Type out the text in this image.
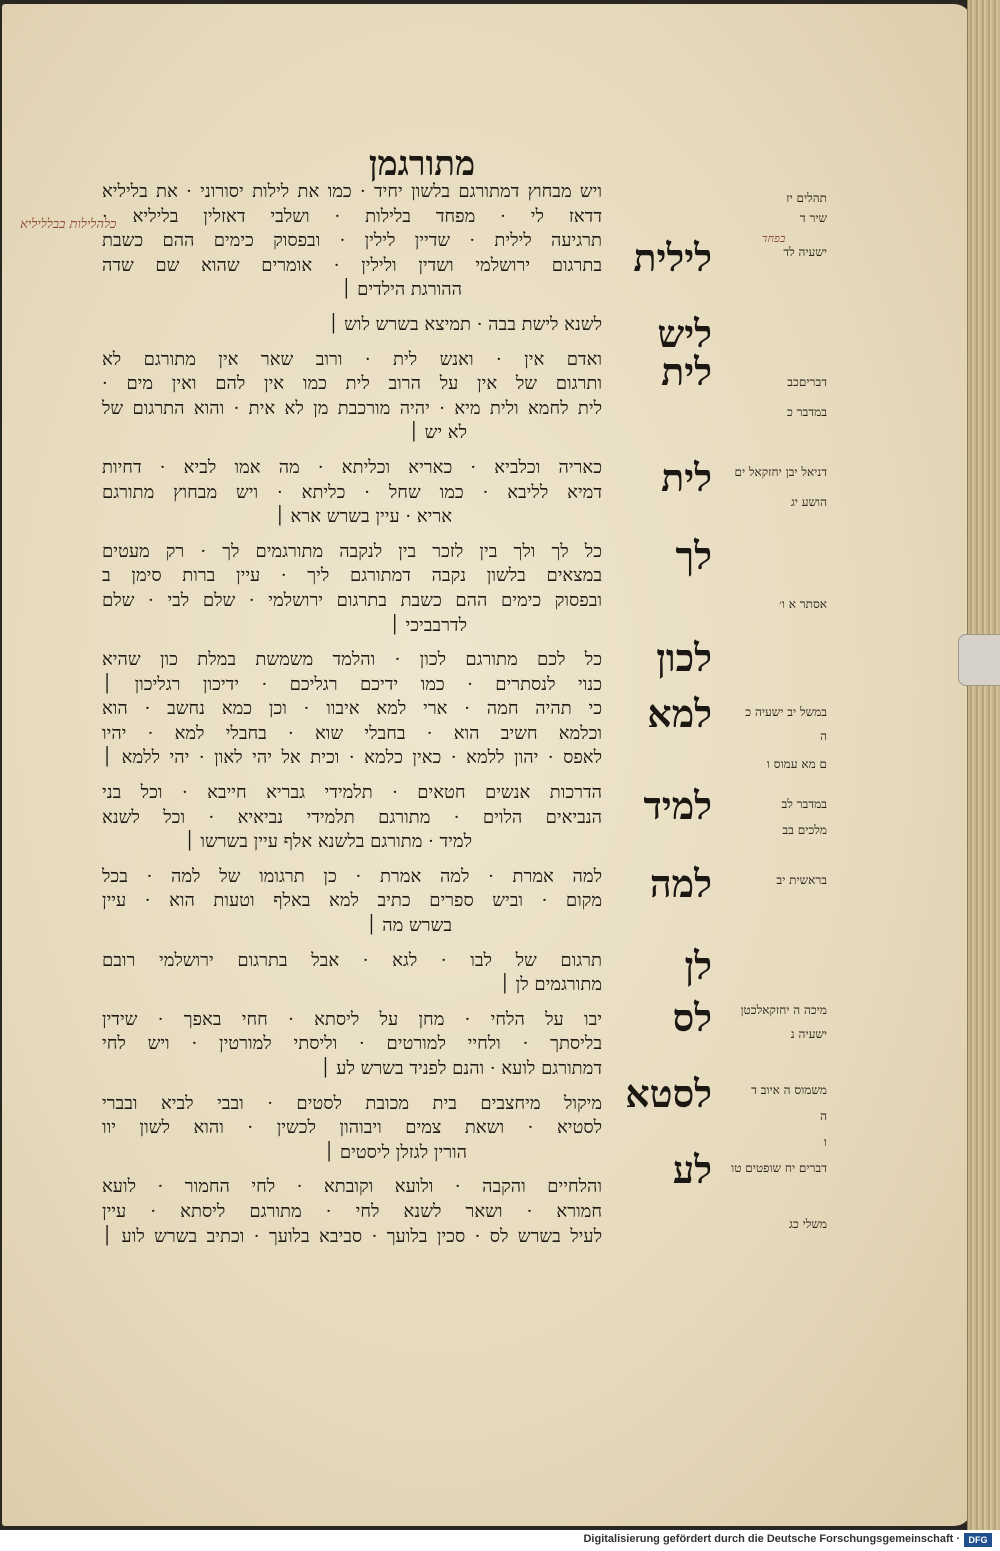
מתורגמן
ויש מבחוץ דמתורגם בלשון יחיד · כמו את לילות יסורוני · את בליליא
דדאז לי · מפחד בלילות · ושלבי דאזלין בליליא ·
תרגיעה לילית · שדיין לילין · ובפסוק כימים ההם כשבת
בתרגום ירושלמי ושדין ולילין · אומרים שהוא שם שדה
ההורגת הילדים ׀
לשנא לישת בבה · תמיצא בשרש לוש ׀
ואדם אין · ואנש לית · ורוב שאר אין מתורגם לא
ותרגום של אין על הרוב לית כמו אין להם ואין מים ·
לית לחמא ולית מיא · יהיה מורכבת מן לא אית · והוא התרגום של
לא יש ׀
כאריה וכלביא · כאריא וכליתא · מה אמו לביא · דחיות
דמיא לליבא · כמו שחל · כליתא · ויש מבחוץ מתורגם
אריא · עיין בשרש ארא ׀
כל לך ולך בין לזכר בין לנקבה מתורגמים לך · רק מעטים
במצאים בלשון נקבה דמתורגם ליך · עיין ברות סימן ב
ובפסוק כימים ההם כשבת בתרגום ירושלמי · שלם לבי · שלם
לדרבביכי ׀
כל לכם מתורגם לכון · והלמד משמשת במלת כון שהיא
כנוי לנסתרים · כמו ידיכם רגליכם · ידיכון רגליכון ׀
כי תהיה חמה · ארי למא איבוו · וכן כמא נחשב · הוא
וכלמא חשיב הוא · בחבלי שוא · בחבלי למא · יהיו
לאפס · יהון ללמא · כאין כלמא · וכית אל יהי לאון · יהי ללמא ׀
הדרכות אנשים חטאים · תלמידי גבריא חייבא · וכל בני
הנביאים הלוים · מתורגם תלמידי נביאיא · וכל לשנא
למיד · מתורגם בלשנא אלף עיין בשרשו ׀
למה אמרת · למה אמרת · כן תרגומו של למה · בכל
מקום · וביש ספרים כתיב למא באלף וטעות הוא · עיין
בשרש מה ׀
תרגום של לבו · לגא · אבל בתרגום ירושלמי רובם
מתורגמים לן ׀
יבו על הלחי · מחן על ליסתא · חחי באפך · שידין
בליסתך · ולחיי למורטים · וליסתי למורטין · ויש לחי
דמתורגם לועא · והנם לפניד בשרש לע ׀
מיקול מיחצבים בית מכובת לסטים · ובבי לביא ובברי
לסטיא · ושאת צמים ויבוהון לכשין · והוא לשון יוו
הורין לגזלן ליסטים ׀
והלחיים והקבה · ולועא וקובתא · לחי החמור · לועא
חמורא · ושאר לשנא לחי · מתורגם ליסתא · עיין
לעיל בשרש לס · סכין בלועך · סביבא בלועך · וכתיב בשרש לוע ׀
לילית
ליש
לית
לית
לך
לכון
למא
למיד
למה
לן
לס
לסטא
לע
תהלים יז
שיר ד
ישעיה לד
דבריםכב
במדבר כ
דניאל יבן יחזקאל ים
הושע יג
אסתר א ו׳
במשל יב ישעיה כ
ה
ם מא עמוס ו
במדבר לב
מלכים בב
בראשית יב
מיכה ה יחזקאלכטן
ישעיה נ
משמוס ה איוב ד
ה
ו
דברים יח שופטים טו
משלי כג
כלהלילות בבלליליא
בפחד
Digitalisierung gefördert durch die Deutsche Forschungsgemeinschaft · DFG
